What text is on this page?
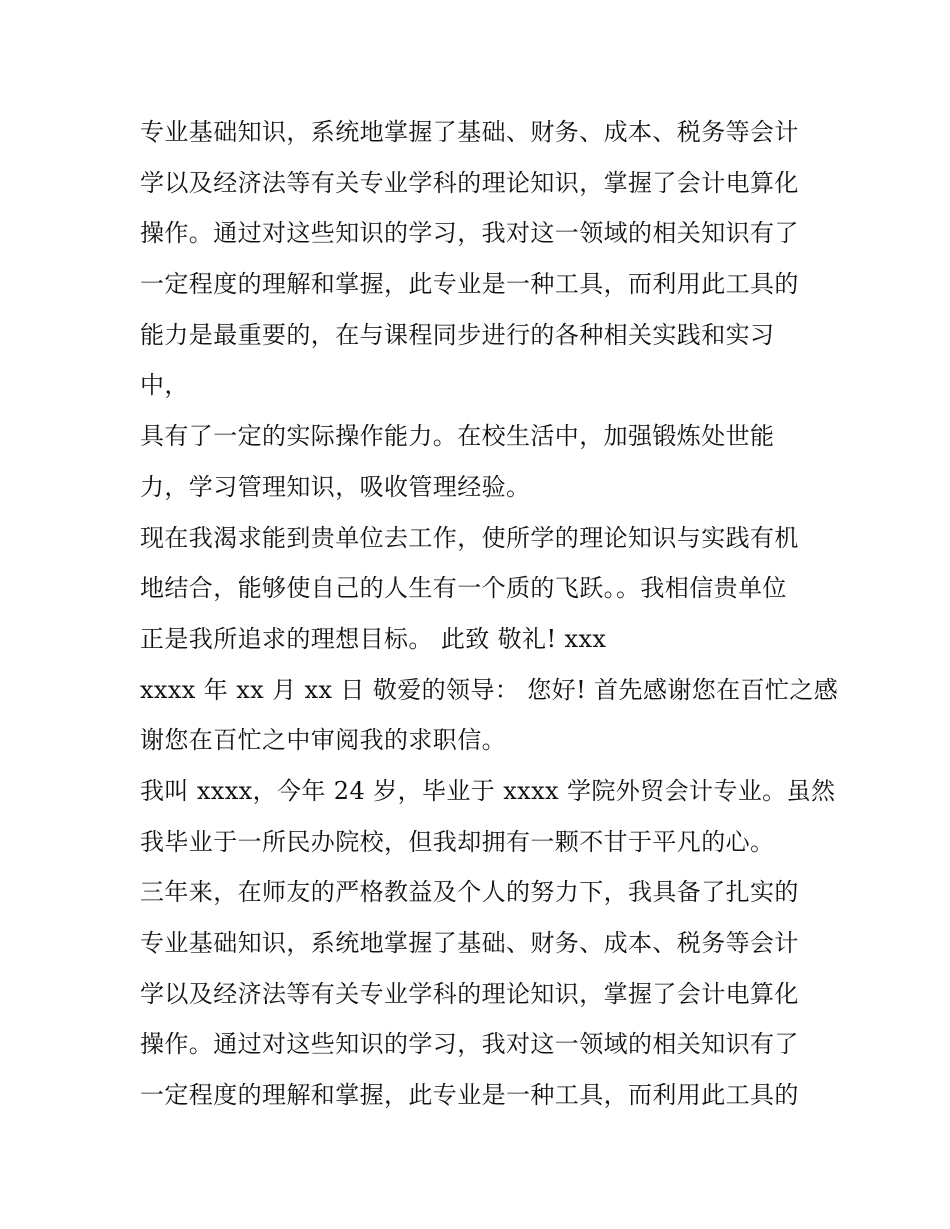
专业基础知识，系统地掌握了基础、财务、成本、税务等会计
学以及经济法等有关专业学科的理论知识，掌握了会计电算化
操作。通过对这些知识的学习，我对这一领域的相关知识有了
一定程度的理解和掌握，此专业是一种工具，而利用此工具的
能力是最重要的，在与课程同步进行的各种相关实践和实习
中，
具有了一定的实际操作能力。在校生活中，加强锻炼处世能
力，学习管理知识，吸收管理经验。
现在我渴求能到贵单位去工作，使所学的理论知识与实践有机
地结合，能够使自己的人生有一个质的飞跃。。我相信贵单位
正是我所追求的理想目标。 此致 敬礼! xxx
xxxx 年 xx 月 xx 日 敬爱的领导： 您好! 首先感谢您在百忙之感
谢您在百忙之中审阅我的求职信。
我叫 xxxx，今年 24 岁，毕业于 xxxx 学院外贸会计专业。虽然
我毕业于一所民办院校，但我却拥有一颗不甘于平凡的心。
三年来，在师友的严格教益及个人的努力下，我具备了扎实的
专业基础知识，系统地掌握了基础、财务、成本、税务等会计
学以及经济法等有关专业学科的理论知识，掌握了会计电算化
操作。通过对这些知识的学习，我对这一领域的相关知识有了
一定程度的理解和掌握，此专业是一种工具，而利用此工具的
